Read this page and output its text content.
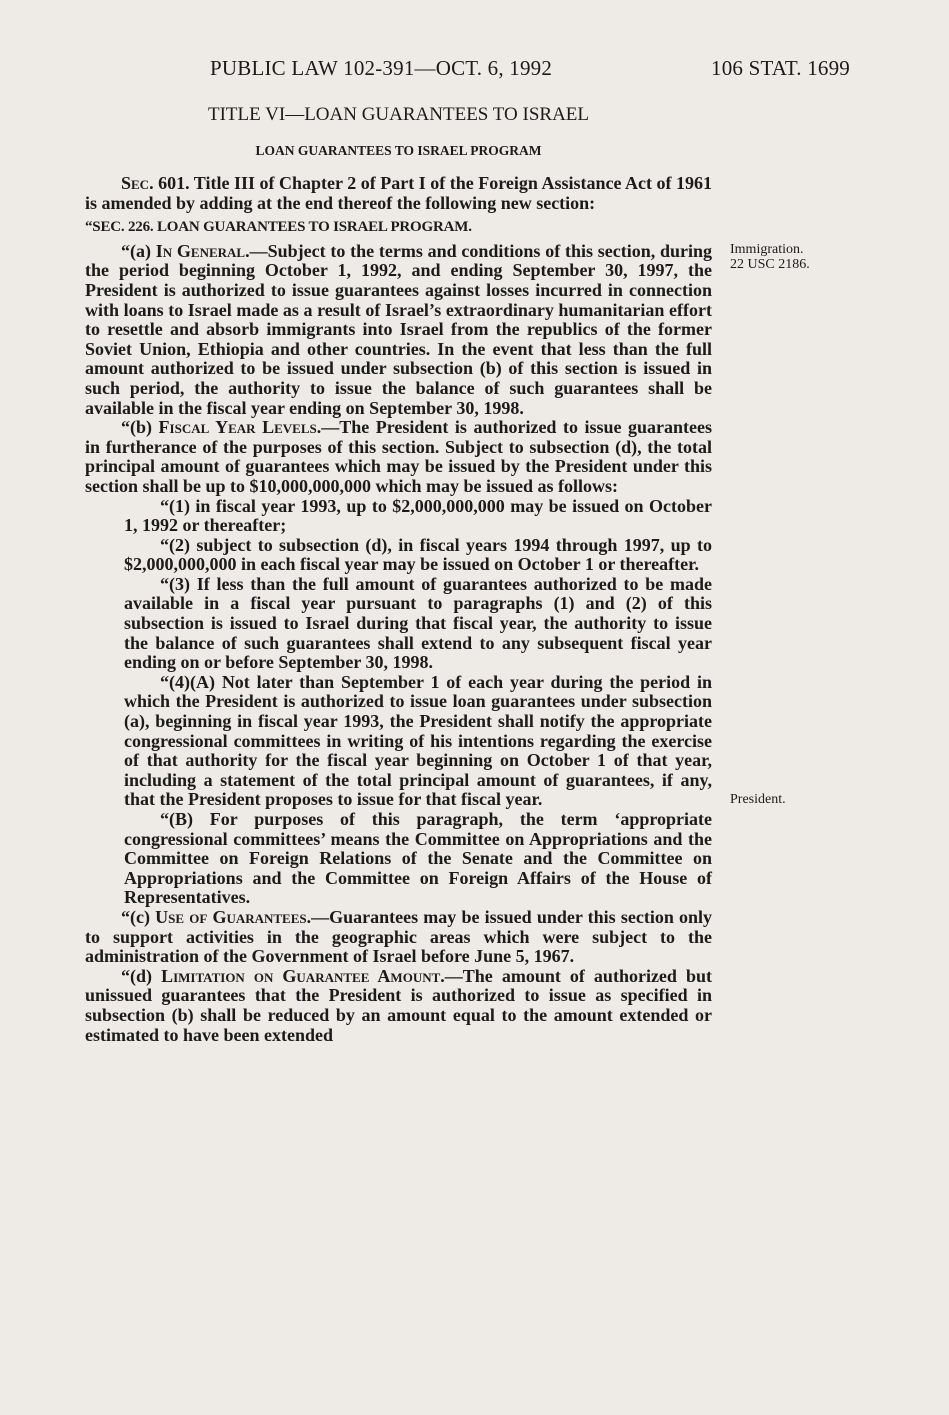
PUBLIC LAW 102-391—OCT. 6, 1992	106 STAT. 1699
TITLE VI—LOAN GUARANTEES TO ISRAEL
LOAN GUARANTEES TO ISRAEL PROGRAM
Immigration.
22 USC 2186.
President.

Sec. 601. Title III of Chapter 2 of Part I of the Foreign Assistance Act of 1961 is amended by adding at the end thereof the following new section:

“SEC. 226. LOAN GUARANTEES TO ISRAEL PROGRAM.

“(a) In General.—Subject to the terms and conditions of this section, during the period beginning October 1, 1992, and ending September 30, 1997, the President is authorized to issue guarantees against losses incurred in connection with loans to Israel made as a result of Israel’s extraordinary humanitarian effort to resettle and absorb immigrants into Israel from the republics of the former Soviet Union, Ethiopia and other countries. In the event that less than the full amount authorized to be issued under subsection (b) of this section is issued in such period, the authority to issue the balance of such guarantees shall be available in the fiscal year ending on September 30, 1998.

“(b) Fiscal Year Levels.—The President is authorized to issue guarantees in furtherance of the purposes of this section. Subject to subsection (d), the total principal amount of guarantees which may be issued by the President under this section shall be up to $10,000,000,000 which may be issued as follows:

“(1) in fiscal year 1993, up to $2,000,000,000 may be issued on October 1, 1992 or thereafter;

“(2) subject to subsection (d), in fiscal years 1994 through 1997, up to $2,000,000,000 in each fiscal year may be issued on October 1 or thereafter.

“(3) If less than the full amount of guarantees authorized to be made available in a fiscal year pursuant to paragraphs (1) and (2) of this subsection is issued to Israel during that fiscal year, the authority to issue the balance of such guarantees shall extend to any subsequent fiscal year ending on or before September 30, 1998.

“(4)(A) Not later than September 1 of each year during the period in which the President is authorized to issue loan guarantees under subsection (a), beginning in fiscal year 1993, the President shall notify the appropriate congressional committees in writing of his intentions regarding the exercise of that authority for the fiscal year beginning on October 1 of that year, including a statement of the total principal amount of guarantees, if any, that the President proposes to issue for that fiscal year.

“(B) For purposes of this paragraph, the term ‘appropriate congressional committees’ means the Committee on Appropriations and the Committee on Foreign Relations of the Senate and the Committee on Appropriations and the Committee on Foreign Affairs of the House of Representatives.

“(c) Use of Guarantees.—Guarantees may be issued under this section only to support activities in the geographic areas which were subject to the administration of the Government of Israel before June 5, 1967.

“(d) Limitation on Guarantee Amount.—The amount of authorized but unissued guarantees that the President is authorized to issue as specified in subsection (b) shall be reduced by an amount equal to the amount extended or estimated to have been extended
